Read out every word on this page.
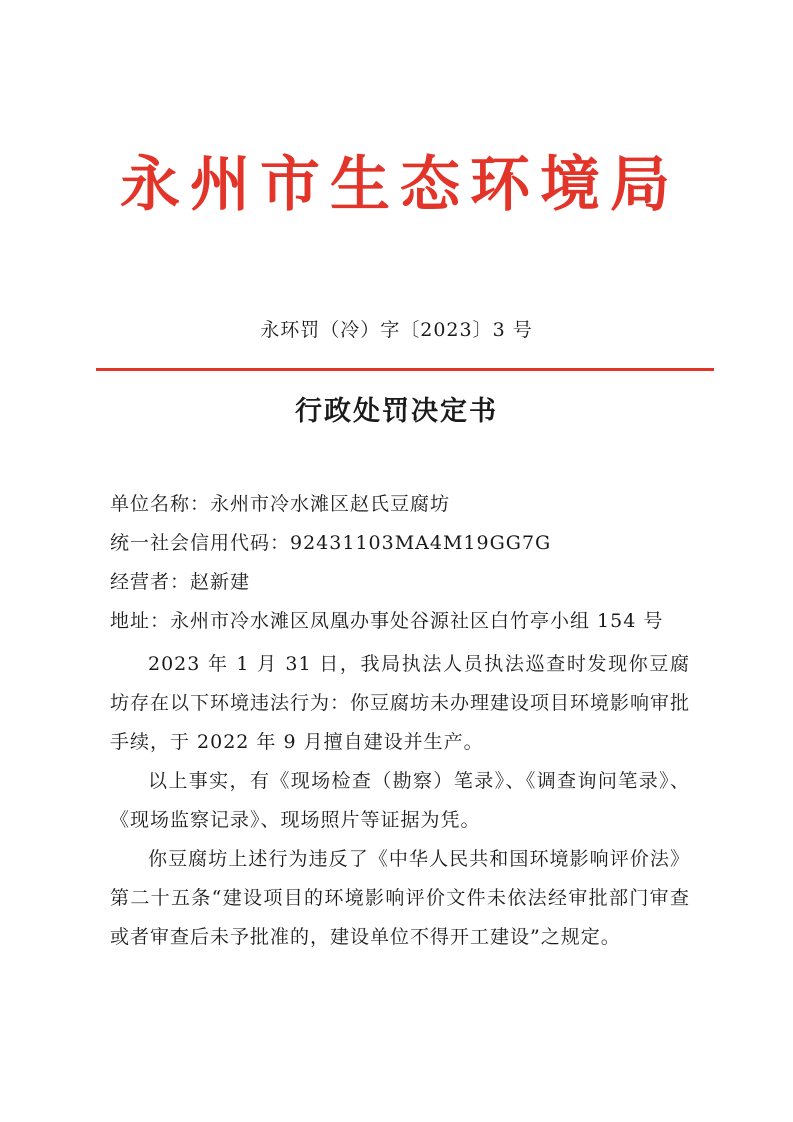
永州市生态环境局
永环罚（冷）字〔2023〕3 号
行政处罚决定书
单位名称：永州市冷水滩区赵氏豆腐坊
统一社会信用代码：92431103MA4M19GG7G
经营者：赵新建
地址：永州市冷水滩区凤凰办事处谷源社区白竹亭小组 154 号
2023 年 1 月 31 日，我局执法人员执法巡查时发现你豆腐坊存在以下环境违法行为：你豆腐坊未办理建设项目环境影响审批手续，于 2022 年 9 月擅自建设并生产。
以上事实，有《现场检查（勘察）笔录》、《调查询问笔录》、《现场监察记录》、现场照片等证据为凭。
你豆腐坊上述行为违反了《中华人民共和国环境影响评价法》第二十五条“建设项目的环境影响评价文件未依法经审批部门审查或者审查后未予批准的，建设单位不得开工建设”之规定。
